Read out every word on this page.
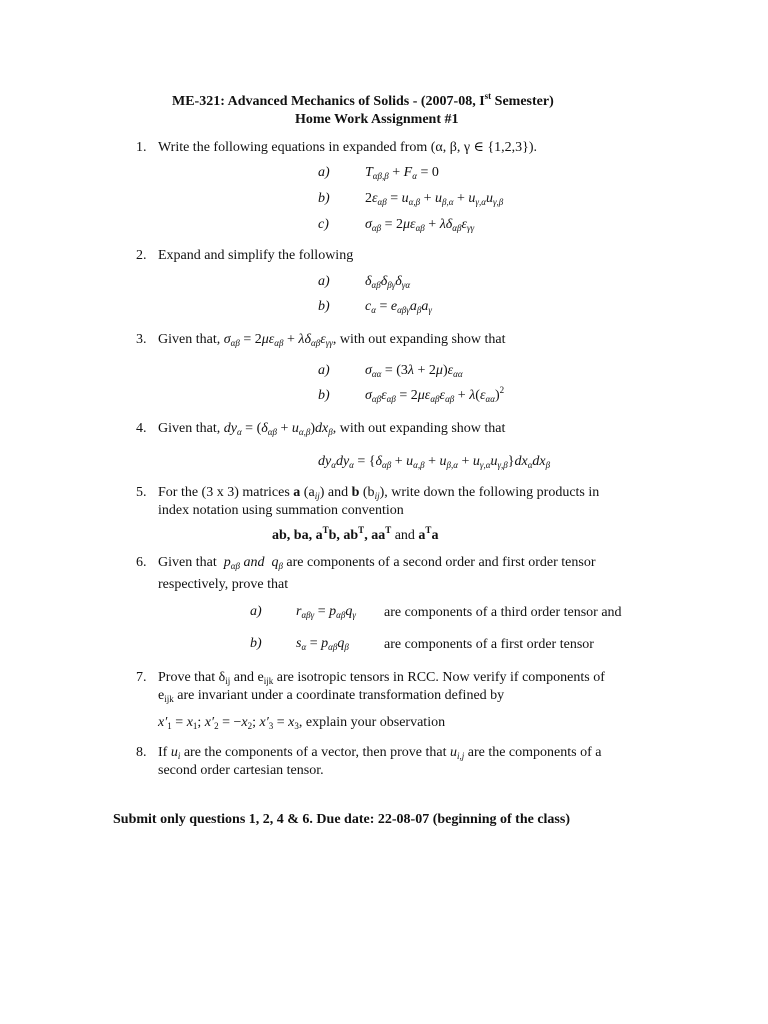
ME-321: Advanced Mechanics of Solids - (2007-08, Ist Semester)
Home Work Assignment #1
1. Write the following equations in expanded from (α, β, γ ∈ {1,2,3}).
a)	$T_{\alpha\beta,\beta} + F_\alpha = 0$
b)	$2\varepsilon_{\alpha\beta} = u_{\alpha,\beta} + u_{\beta,\alpha} + u_{\gamma,\alpha}u_{\gamma,\beta}$
c)	$\sigma_{\alpha\beta} = 2\mu\varepsilon_{\alpha\beta} + \lambda\delta_{\alpha\beta}\varepsilon_{\gamma\gamma}$
2. Expand and simplify the following
a)	$\delta_{\alpha\beta}\delta_{\beta\gamma}\delta_{\gamma\alpha}$
b)	$c_\alpha = e_{\alpha\beta\gamma}a_\beta a_\gamma$
3. Given that, $\sigma_{\alpha\beta} = 2\mu\varepsilon_{\alpha\beta} + \lambda\delta_{\alpha\beta}\varepsilon_{\gamma\gamma}$, with out expanding show that
a)	$\sigma_{\alpha\alpha} = (3\lambda + 2\mu)\varepsilon_{\alpha\alpha}$
b)	$\sigma_{\alpha\beta}\varepsilon_{\alpha\beta} = 2\mu\varepsilon_{\alpha\beta}\varepsilon_{\alpha\beta} + \lambda(\varepsilon_{\alpha\alpha})^2$
4. Given that, $dy_\alpha = (\delta_{\alpha\beta} + u_{\alpha,\beta})dx_\beta$, with out expanding show that
$dy_\alpha dy_\alpha = \{\delta_{\alpha\beta} + u_{\alpha,\beta} + u_{\beta,\alpha} + u_{\gamma,\alpha}u_{\gamma,\beta}\}dx_\alpha dx_\beta$
5. For the (3 x 3) matrices a $(a_{ij})$ and b $(b_{ij})$, write down the following products in
index notation using summation convention
ab, ba, $a^Tb$, $ab^T$, $aa^T$ and $a^Ta$
6. Given that  $p_{\alpha\beta}$ and  $q_\beta$ are components of a second order and first order tensor
respectively, prove that
a) $r_{\alpha\beta\gamma} = p_{\alpha\beta}q_\gamma$ are components of a third order tensor and
b) $s_\alpha = p_{\alpha\beta}q_\beta$	are components of a first order tensor
7. Prove that $\delta_{ij}$ and $e_{ijk}$ are isotropic tensors in RCC. Now verify if components of
$e_{ijk}$ are invariant under a coordinate transformation defined by
$x'_1 = x_1$; $x'_2 = -x_2$; $x'_3 = x_3$, explain your observation
8. If $u_i$ are the components of a vector, then prove that $u_{i,j}$ are the components of a
second order cartesian tensor.
Submit only questions 1, 2, 4 & 6. Due date: 22-08-07 (beginning of the class)
